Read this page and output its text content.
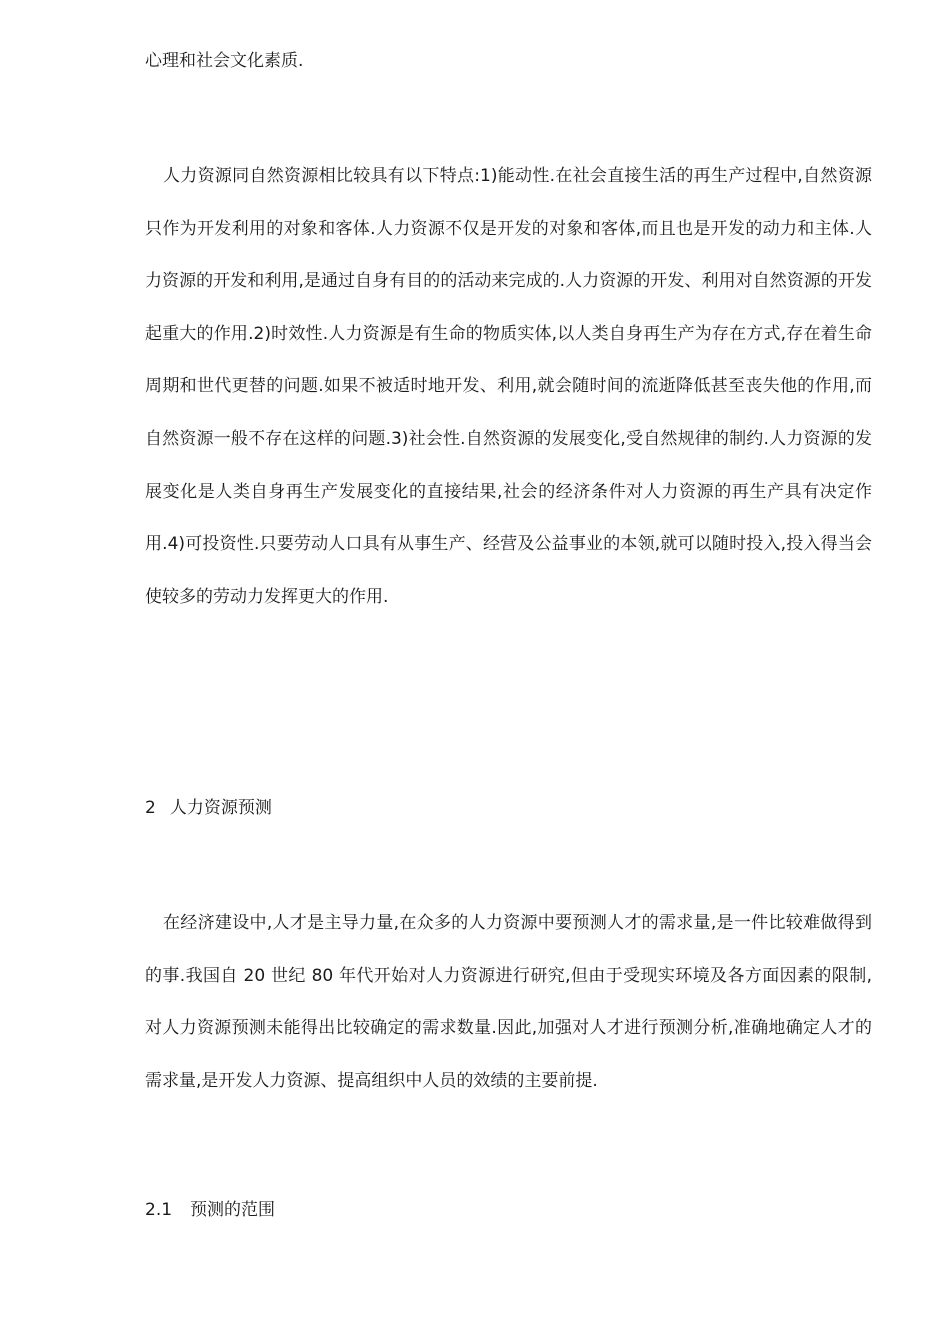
心理和社会文化素质.

人力资源同自然资源相比较具有以下特点:1)能动性.在社会直接生活的再生产过程中,自然资源只作为开发利用的对象和客体.人力资源不仅是开发的对象和客体,而且也是开发的动力和主体.人力资源的开发和利用,是通过自身有目的的活动来完成的.人力资源的开发、利用对自然资源的开发起重大的作用.2)时效性.人力资源是有生命的物质实体,以人类自身再生产为存在方式,存在着生命周期和世代更替的问题.如果不被适时地开发、利用,就会随时间的流逝降低甚至丧失他的作用,而自然资源一般不存在这样的问题.3)社会性.自然资源的发展变化,受自然规律的制约.人力资源的发展变化是人类自身再生产发展变化的直接结果,社会的经济条件对人力资源的再生产具有决定作用.4)可投资性.只要劳动人口具有从事生产、经营及公益事业的本领,就可以随时投入,投入得当会使较多的劳动力发挥更大的作用.

2 人力资源预测

在经济建设中,人才是主导力量,在众多的人力资源中要预测人才的需求量,是一件比较难做得到的事.我国自 20 世纪 80 年代开始对人力资源进行研究,但由于受现实环境及各方面因素的限制,对人力资源预测未能得出比较确定的需求数量.因此,加强对人才进行预测分析,准确地确定人才的需求量,是开发人力资源、提高组织中人员的效绩的主要前提.

2.1 预测的范围
